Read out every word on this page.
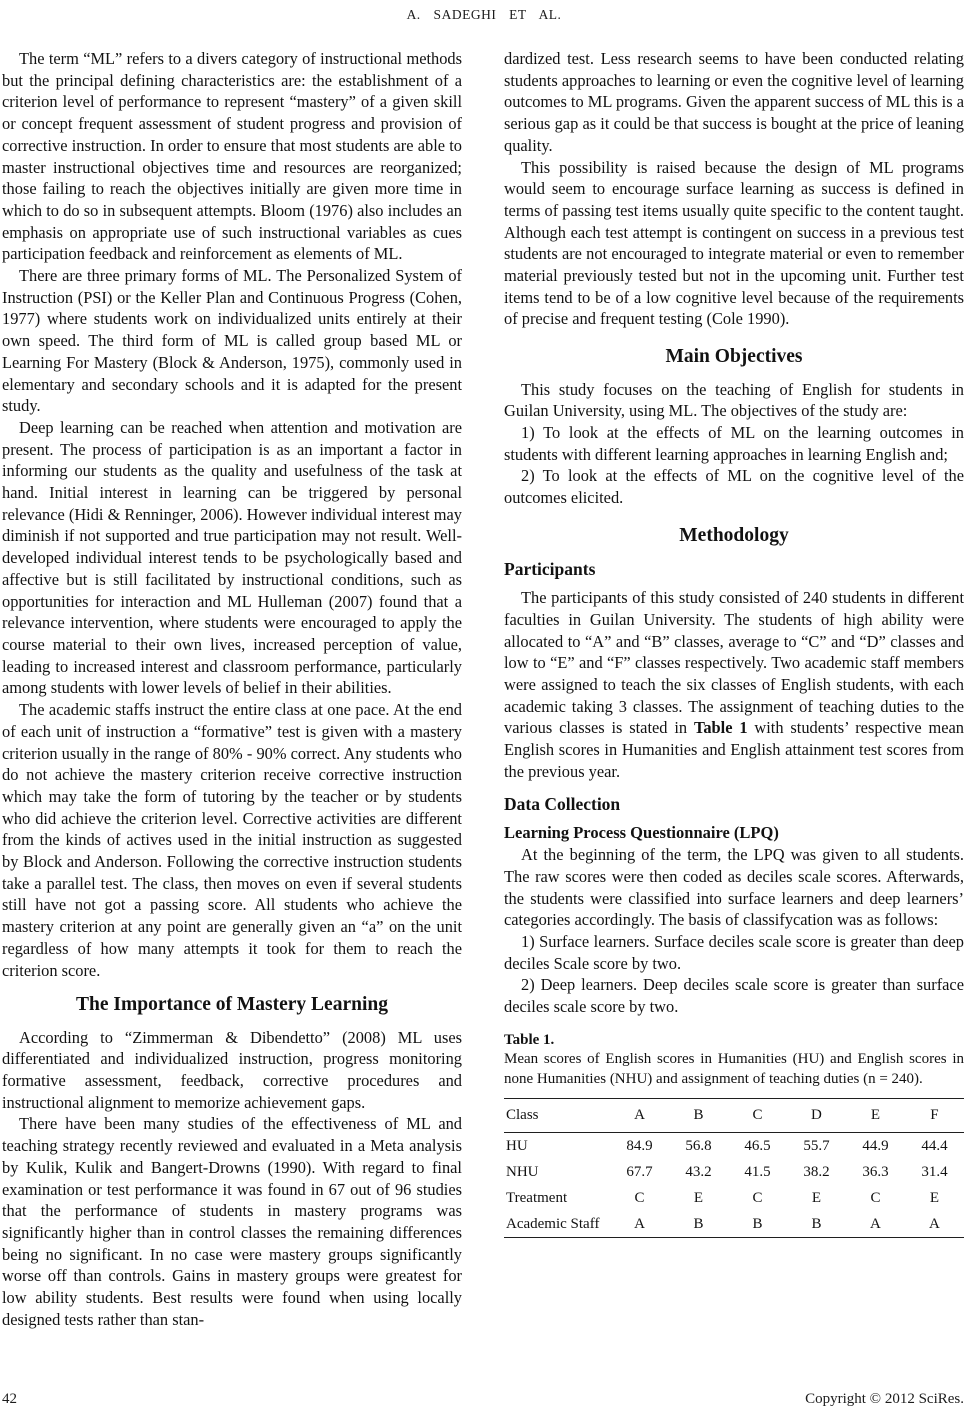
A. SADEGHI ET AL.

The term “ML” refers to a divers category of instructional methods but the principal defining characteristics are: the establishment of a criterion level of performance to represent “mastery” of a given skill or concept frequent assessment of student progress and provision of corrective instruction. In order to ensure that most students are able to master instructional objectives time and resources are reorganized; those failing to reach the objectives initially are given more time in which to do so in subsequent attempts. Bloom (1976) also includes an emphasis on appropriate use of such instructional variables as cues participation feedback and reinforcement as elements of ML.

There are three primary forms of ML. The Personalized System of Instruction (PSI) or the Keller Plan and Continuous Progress (Cohen, 1977) where students work on individualized units entirely at their own speed. The third form of ML is called group based ML or Learning For Mastery (Block & Anderson, 1975), commonly used in elementary and secondary schools and it is adapted for the present study.

Deep learning can be reached when attention and motivation are present. The process of participation is as an important a factor in informing our students as the quality and usefulness of the task at hand. Initial interest in learning can be triggered by personal relevance (Hidi & Renninger, 2006). However individual interest may diminish if not supported and true participation may not result. Well-developed individual interest tends to be psychologically based and affective but is still facilitated by instructional conditions, such as opportunities for interaction and ML Hulleman (2007) found that a relevance intervention, where students were encouraged to apply the course material to their own lives, increased perception of value, leading to increased interest and classroom performance, particularly among students with lower levels of belief in their abilities.

The academic staffs instruct the entire class at one pace. At the end of each unit of instruction a “formative” test is given with a mastery criterion usually in the range of 80% - 90% correct. Any students who do not achieve the mastery criterion receive corrective instruction which may take the form of tutoring by the teacher or by students who did achieve the criterion level. Corrective activities are different from the kinds of actives used in the initial instruction as suggested by Block and Anderson. Following the corrective instruction students take a parallel test. The class, then moves on even if several students still have not got a passing score. All students who achieve the mastery criterion at any point are generally given an “a” on the unit regardless of how many attempts it took for them to reach the criterion score.

The Importance of Mastery Learning

According to “Zimmerman & Dibendetto” (2008) ML uses differentiated and individualized instruction, progress monitoring formative assessment, feedback, corrective procedures and instructional alignment to memorize achievement gaps.

There have been many studies of the effectiveness of ML and teaching strategy recently reviewed and evaluated in a Meta analysis by Kulik, Kulik and Bangert-Drowns (1990). With regard to final examination or test performance it was found in 67 out of 96 studies that the performance of students in mastery programs was significantly higher than in control classes the remaining differences being no significant. In no case were mastery groups significantly worse off than controls. Gains in mastery groups were greatest for low ability students. Best results were found when using locally designed tests rather than stan-

dardized test. Less research seems to have been conducted relating students approaches to learning or even the cognitive level of learning outcomes to ML programs. Given the apparent success of ML this is a serious gap as it could be that success is bought at the price of leaning quality.

This possibility is raised because the design of ML programs would seem to encourage surface learning as success is defined in terms of passing test items usually quite specific to the content taught. Although each test attempt is contingent on success in a previous test students are not encouraged to integrate material or even to remember material previously tested but not in the upcoming unit. Further test items tend to be of a low cognitive level because of the requirements of precise and frequent testing (Cole 1990).

Main Objectives

This study focuses on the teaching of English for students in Guilan University, using ML. The objectives of the study are:

1) To look at the effects of ML on the learning outcomes in students with different learning approaches in learning English and;

2) To look at the effects of ML on the cognitive level of the outcomes elicited.

Methodology
Participants

The participants of this study consisted of 240 students in different faculties in Guilan University. The students of high ability were allocated to “A” and “B” classes, average to “C” and “D” classes and low to “E” and “F” classes respectively. Two academic staff members were assigned to teach the six classes of English students, with each academic taking 3 classes. The assignment of teaching duties to the various classes is stated in Table 1 with students’ respective mean English scores in Humanities and English attainment test scores from the previous year.

Data Collection
Learning Process Questionnaire (LPQ)

At the beginning of the term, the LPQ was given to all students. The raw scores were then coded as deciles scale scores. Afterwards, the students were classified into surface learners and deep learners’ categories accordingly. The basis of classifycation was as follows:

1) Surface learners. Surface deciles scale score is greater than deep deciles Scale score by two.

2) Deep learners. Deep deciles scale score is greater than surface deciles scale score by two.

Table 1.
Mean scores of English scores in Humanities (HU) and English scores in none Humanities (NHU) and assignment of teaching duties (n = 240).
Class	A	B	C	D	E	F
HU	84.9	56.8	46.5	55.7	44.9	44.4
NHU	67.7	43.2	41.5	38.2	36.3	31.4
Treatment	C	E	C	E	C	E
Academic Staff	A	B	B	B	A	A
42	Copyright © 2012 SciRes.
